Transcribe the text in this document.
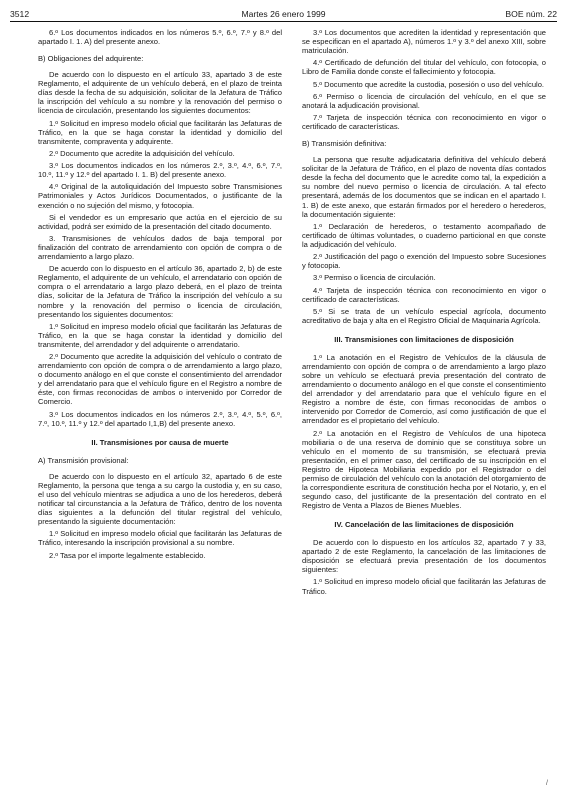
3512	Martes 26 enero 1999	BOE núm. 22

6.º Los documentos indicados en los números 5.º, 6.º, 7.º y 8.º del apartado I. 1. A) del presente anexo.

B) Obligaciones del adquirente:

De acuerdo con lo dispuesto en el artículo 33, apartado 3 de este Reglamento, el adquirente de un vehículo deberá, en el plazo de treinta días desde la fecha de su adquisición, solicitar de la Jefatura de Tráfico la inscripción del vehículo a su nombre y la renovación del permiso o licencia de circulación, presentando los siguientes documentos:

1.º Solicitud en impreso modelo oficial que facilitarán las Jefaturas de Tráfico, en la que se haga constar la identidad y domicilio del transmitente, compraventa y adquirente.

2.º Documento que acredite la adquisición del vehículo.

3.º Los documentos indicados en los números 2.º, 3.º, 4.º, 6.º, 7.º, 10.º, 11.º y 12.º del apartado I. 1. B) del presente anexo.

4.º Original de la autoliquidación del Impuesto sobre Transmisiones Patrimoniales y Actos Jurídicos Documentados, o justificante de la exención o no sujeción del mismo, y fotocopia.

Si el vendedor es un empresario que actúa en el ejercicio de su actividad, podrá ser eximido de la presentación del citado documento.

3. Transmisiones de vehículos dados de baja temporal por finalización del contrato de arrendamiento con opción de compra o de arrendamiento a largo plazo.

De acuerdo con lo dispuesto en el artículo 36, apartado 2, b) de este Reglamento, el adquirente de un vehículo, el arrendatario con opción de compra o el arrendatario a largo plazo deberá, en el plazo de treinta días, solicitar de la Jefatura de Tráfico la inscripción del vehículo a su nombre y la renovación del permiso o licencia de circulación, presentando los siguientes documentos:

1.º Solicitud en impreso modelo oficial que facilitarán las Jefaturas de Tráfico, en la que se haga constar la identidad y domicilio del transmitente, del arrendador y del adquirente o arrendatario.

2.º Documento que acredite la adquisición del vehículo o contrato de arrendamiento con opción de compra o de arrendamiento a largo plazo, o documento análogo en el que conste el consentimiento del arrendador y del arrendatario para que el vehículo figure en el Registro a nombre de éste, con firmas reconocidas de ambos o intervenido por Corredor de Comercio.

3.º Los documentos indicados en los números 2.º, 3.º, 4.º, 5.º, 6.º, 7.º, 10.º, 11.º y 12.º del apartado I,1,B) del presente anexo.

II. Transmisiones por causa de muerte

A) Transmisión provisional:

De acuerdo con lo dispuesto en el artículo 32, apartado 6 de este Reglamento, la persona que tenga a su cargo la custodia y, en su caso, el uso del vehículo mientras se adjudica a uno de los herederos, deberá notificar tal circunstancia a la Jefatura de Tráfico, dentro de los noventa días siguientes a la defunción del titular registral del vehículo, presentando la siguiente documentación:

1.º Solicitud en impreso modelo oficial que facilitarán las Jefaturas de Tráfico, interesando la inscripción provisional a su nombre.

2.º Tasa por el importe legalmente establecido.

3.º Los documentos que acrediten la identidad y representación que se especifican en el apartado A), números 1.º y 3.º del anexo XIII, sobre matriculación.

4.º Certificado de defunción del titular del vehículo, con fotocopia, o Libro de Familia donde conste el fallecimiento y fotocopia.

5.º Documento que acredite la custodia, posesión o uso del vehículo.

6.º Permiso o licencia de circulación del vehículo, en el que se anotará la adjudicación provisional.

7.º Tarjeta de inspección técnica con reconocimiento en vigor o certificado de características.

B) Transmisión definitiva:

La persona que resulte adjudicataria definitiva del vehículo deberá solicitar de la Jefatura de Tráfico, en el plazo de noventa días contados desde la fecha del documento que le acredite como tal, la expedición a su nombre del nuevo permiso o licencia de circulación. A tal efecto presentará, además de los documentos que se indican en el apartado I. 1. B) de este anexo, que estarán firmados por el heredero o herederos, la documentación siguiente:

1.º Declaración de herederos, o testamento acompañado de certificado de últimas voluntades, o cuaderno particional en que conste la adjudicación del vehículo.

2.º Justificación del pago o exención del Impuesto sobre Sucesiones y fotocopia.

3.º Permiso o licencia de circulación.

4.º Tarjeta de inspección técnica con reconocimiento en vigor o certificado de características.

5.º Si se trata de un vehículo especial agrícola, documento acreditativo de baja y alta en el Registro Oficial de Maquinaria Agrícola.

III. Transmisiones con limitaciones de disposición

1.º La anotación en el Registro de Vehículos de la cláusula de arrendamiento con opción de compra o de arrendamiento a largo plazo sobre un vehículo se efectuará previa presentación del contrato de arrendamiento o documento análogo en el que conste el consentimiento del arrendador y del arrendatario para que el vehículo figure en el Registro a nombre de éste, con firmas reconocidas de ambos o intervenido por Corredor de Comercio, así como justificación de que el arrendador es el propietario del vehículo.

2.º La anotación en el Registro de Vehículos de una hipoteca mobiliaria o de una reserva de dominio que se constituya sobre un vehículo en el momento de su transmisión, se efectuará previa presentación, en el primer caso, del certificado de su inscripción en el Registro de Hipoteca Mobiliaria expedido por el Registrador o del permiso de circulación del vehículo con la anotación del otorgamiento de la correspondiente escritura de constitución hecha por el Notario, y, en el segundo caso, del justificante de la presentación del contrato en el Registro de Venta a Plazos de Bienes Muebles.

IV. Cancelación de las limitaciones de disposición

De acuerdo con lo dispuesto en los artículos 32, apartado 7 y 33, apartado 2 de este Reglamento, la cancelación de las limitaciones de disposición se efectuará previa presentación de los documentos siguientes:

1.º Solicitud en impreso modelo oficial que facilitarán las Jefaturas de Tráfico.

/
